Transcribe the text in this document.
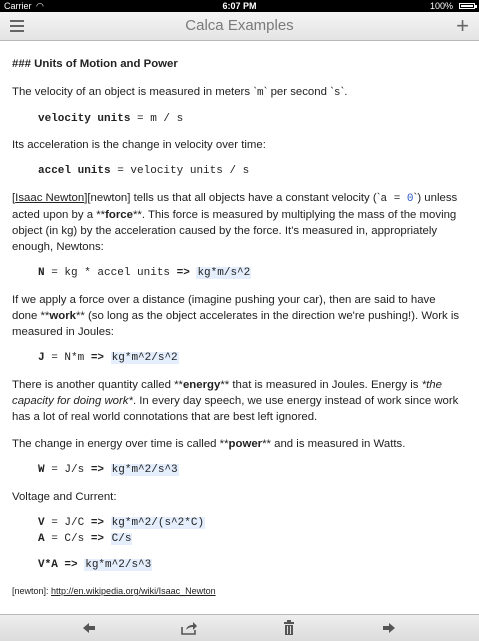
Carrier ◠	6:07 PM	100%
Calca Examples	+

### Units of Motion and Power

The velocity of an object is measured in meters `m` per second `s`.

velocity units = m / s

Its acceleration is the change in velocity over time:

accel units = velocity units / s

[Isaac Newton][newton] tells us that all objects have a constant velocity (`a = 0`) unless acted upon by a **force**. This force is measured by multiplying the mass of the moving object (in kg) by the acceleration caused by the force. It's measured in, appropriately enough, Newtons:

N = kg * accel units => kg*m/s^2

If we apply a force over a distance (imagine pushing your car), then are said to have done **work** (so long as the object accelerates in the direction we're pushing!). Work is measured in Joules:

J = N*m => kg*m^2/s^2

There is another quantity called **energy** that is measured in Joules. Energy is *the capacity for doing work*. In every day speech, we use energy instead of work since work has a lot of real world connotations that are best left ignored.

The change in energy over time is called **power** and is measured in Watts.

W = J/s => kg*m^2/s^3

Voltage and Current:

V = J/C => kg*m^2/(s^2*C)

A = C/s => C/s

V*A => kg*m^2/s^3

[newton]: http://en.wikipedia.org/wiki/Isaac_Newton
